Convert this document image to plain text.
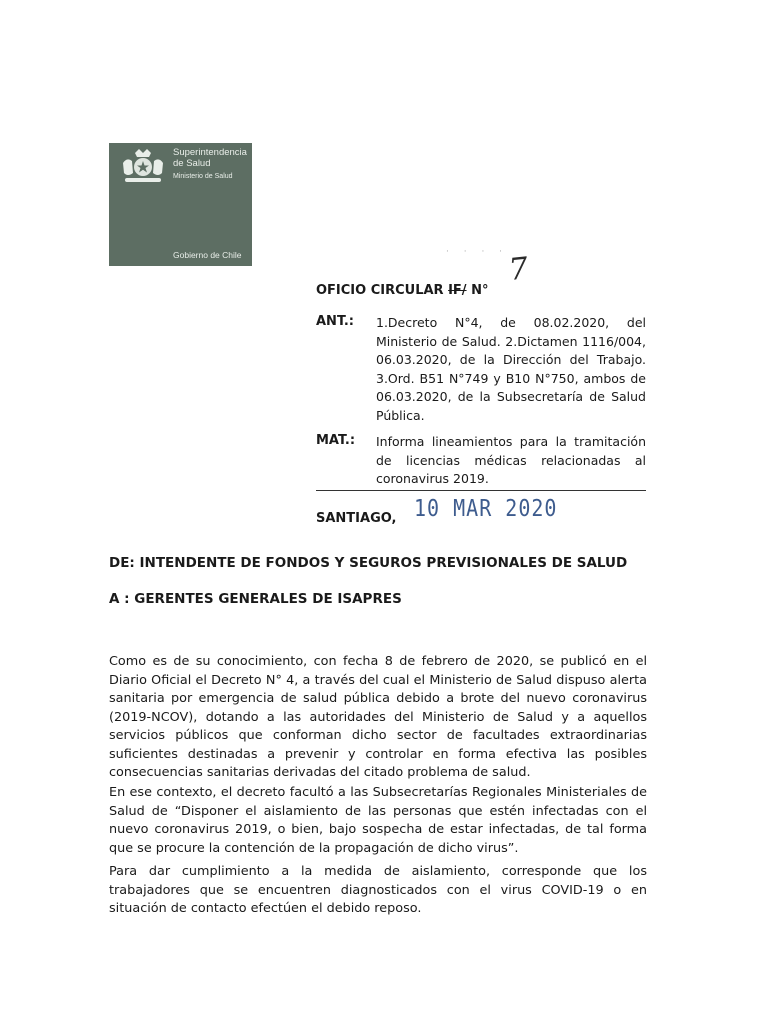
Superintendencia
de Salud
Ministerio de Salud
Gobierno de Chile	· · · · 7
OFICIO CIRCULAR IF/ N°
ANT.: 1.Decreto N°4, de 08.02.2020, del Ministerio de Salud. 2.Dictamen 1116/004, 06.03.2020, de la Dirección del Trabajo. 3.Ord. B51 N°749 y B10 N°750, ambos de 06.03.2020, de la Subsecretaría de Salud Pública.
MAT.: Informa lineamientos para la tramitación de licencias médicas relacionadas al coronavirus 2019.
SANTIAGO, 10 MAR 2020
DE: INTENDENTE DE FONDOS Y SEGUROS PREVISIONALES DE SALUD
A : GERENTES GENERALES DE ISAPRES
Como es de su conocimiento, con fecha 8 de febrero de 2020, se publicó en el Diario Oficial el Decreto N° 4, a través del cual el Ministerio de Salud dispuso alerta sanitaria por emergencia de salud pública debido a brote del nuevo coronavirus (2019-NCOV), dotando a las autoridades del Ministerio de Salud y a aquellos servicios públicos que conforman dicho sector de facultades extraordinarias suficientes destinadas a prevenir y controlar en forma efectiva las posibles consecuencias sanitarias derivadas del citado problema de salud.
En ese contexto, el decreto facultó a las Subsecretarías Regionales Ministeriales de Salud de “Disponer el aislamiento de las personas que estén infectadas con el nuevo coronavirus 2019, o bien, bajo sospecha de estar infectadas, de tal forma que se procure la contención de la propagación de dicho virus”.
Para dar cumplimiento a la medida de aislamiento, corresponde que los trabajadores que se encuentren diagnosticados con el virus COVID-19 o en situación de contacto efectúen el debido reposo.
